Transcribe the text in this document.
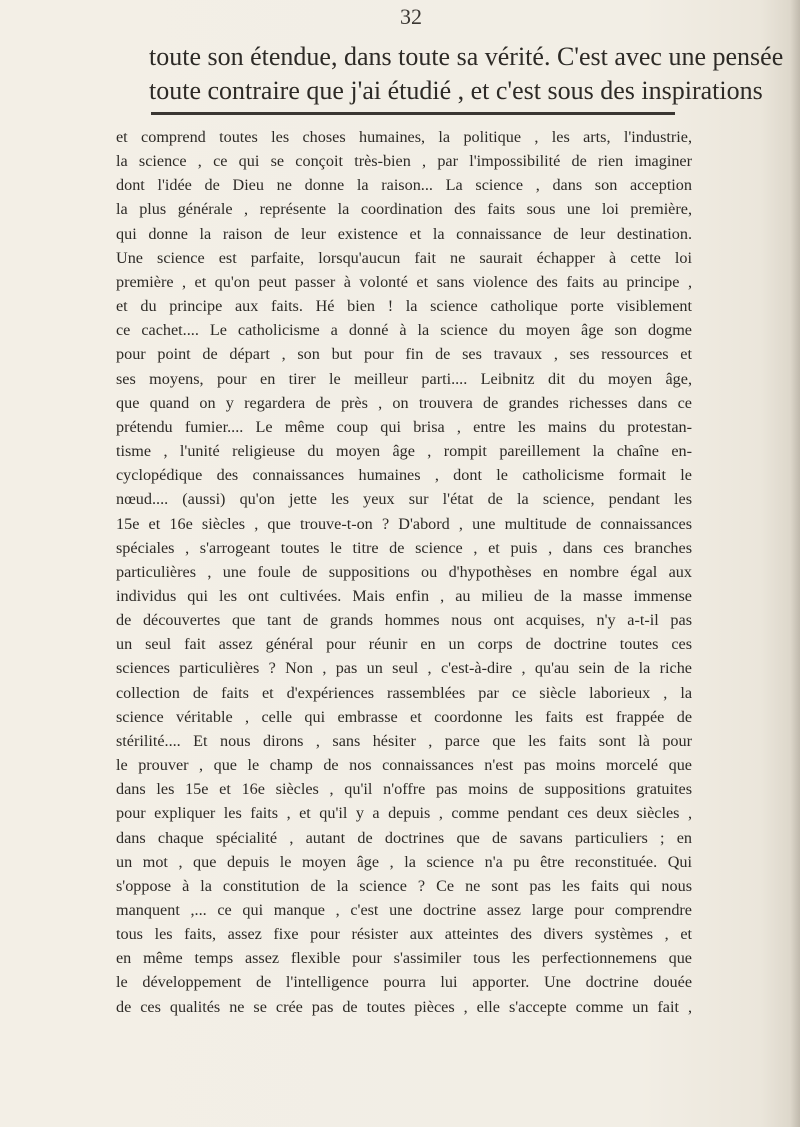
32
toute son étendue, dans toute sa vérité. C'est avec une pensée
toute contraire que j'ai étudié , et c'est sous des inspirations
et comprend toutes les choses humaines, la politique , les arts, l'industrie,
la science , ce qui se conçoit très-bien , par l'impossibilité de rien imaginer
dont l'idée de Dieu ne donne la raison... La science , dans son acception
la plus générale , représente la coordination des faits sous une loi première,
qui donne la raison de leur existence et la connaissance de leur destination.
Une science est parfaite, lorsqu'aucun fait ne saurait échapper à cette loi
première , et qu'on peut passer à volonté et sans violence des faits au principe ,
et du principe aux faits. Hé bien ! la science catholique porte visiblement
ce cachet.... Le catholicisme a donné à la science du moyen âge son dogme
pour point de départ , son but pour fin de ses travaux , ses ressources et
ses moyens, pour en tirer le meilleur parti.... Leibnitz dit du moyen âge,
que quand on y regardera de près , on trouvera de grandes richesses dans ce
prétendu fumier.... Le même coup qui brisa , entre les mains du protestan-
tisme , l'unité religieuse du moyen âge , rompit pareillement la chaîne en-
cyclopédique des connaissances humaines , dont le catholicisme formait le
nœud.... (aussi) qu'on jette les yeux sur l'état de la science, pendant les
15e et 16e siècles , que trouve-t-on ? D'abord , une multitude de connaissances
spéciales , s'arrogeant toutes le titre de science , et puis , dans ces branches
particulières , une foule de suppositions ou d'hypothèses en nombre égal aux
individus qui les ont cultivées. Mais enfin , au milieu de la masse immense
de découvertes que tant de grands hommes nous ont acquises, n'y a-t-il pas
un seul fait assez général pour réunir en un corps de doctrine toutes ces
sciences particulières ? Non , pas un seul , c'est-à-dire , qu'au sein de la riche
collection de faits et d'expériences rassemblées par ce siècle laborieux , la
science véritable , celle qui embrasse et coordonne les faits est frappée de
stérilité.... Et nous dirons , sans hésiter , parce que les faits sont là pour
le prouver , que le champ de nos connaissances n'est pas moins morcelé que
dans les 15e et 16e siècles , qu'il n'offre pas moins de suppositions gratuites
pour expliquer les faits , et qu'il y a depuis , comme pendant ces deux siècles ,
dans chaque spécialité , autant de doctrines que de savans particuliers ; en
un mot , que depuis le moyen âge , la science n'a pu être reconstituée. Qui
s'oppose à la constitution de la science ? Ce ne sont pas les faits qui nous
manquent ,... ce qui manque , c'est une doctrine assez large pour comprendre
tous les faits, assez fixe pour résister aux atteintes des divers systèmes , et
en même temps assez flexible pour s'assimiler tous les perfectionnemens que
le développement de l'intelligence pourra lui apporter. Une doctrine douée
de ces qualités ne se crée pas de toutes pièces , elle s'accepte comme un fait ,
